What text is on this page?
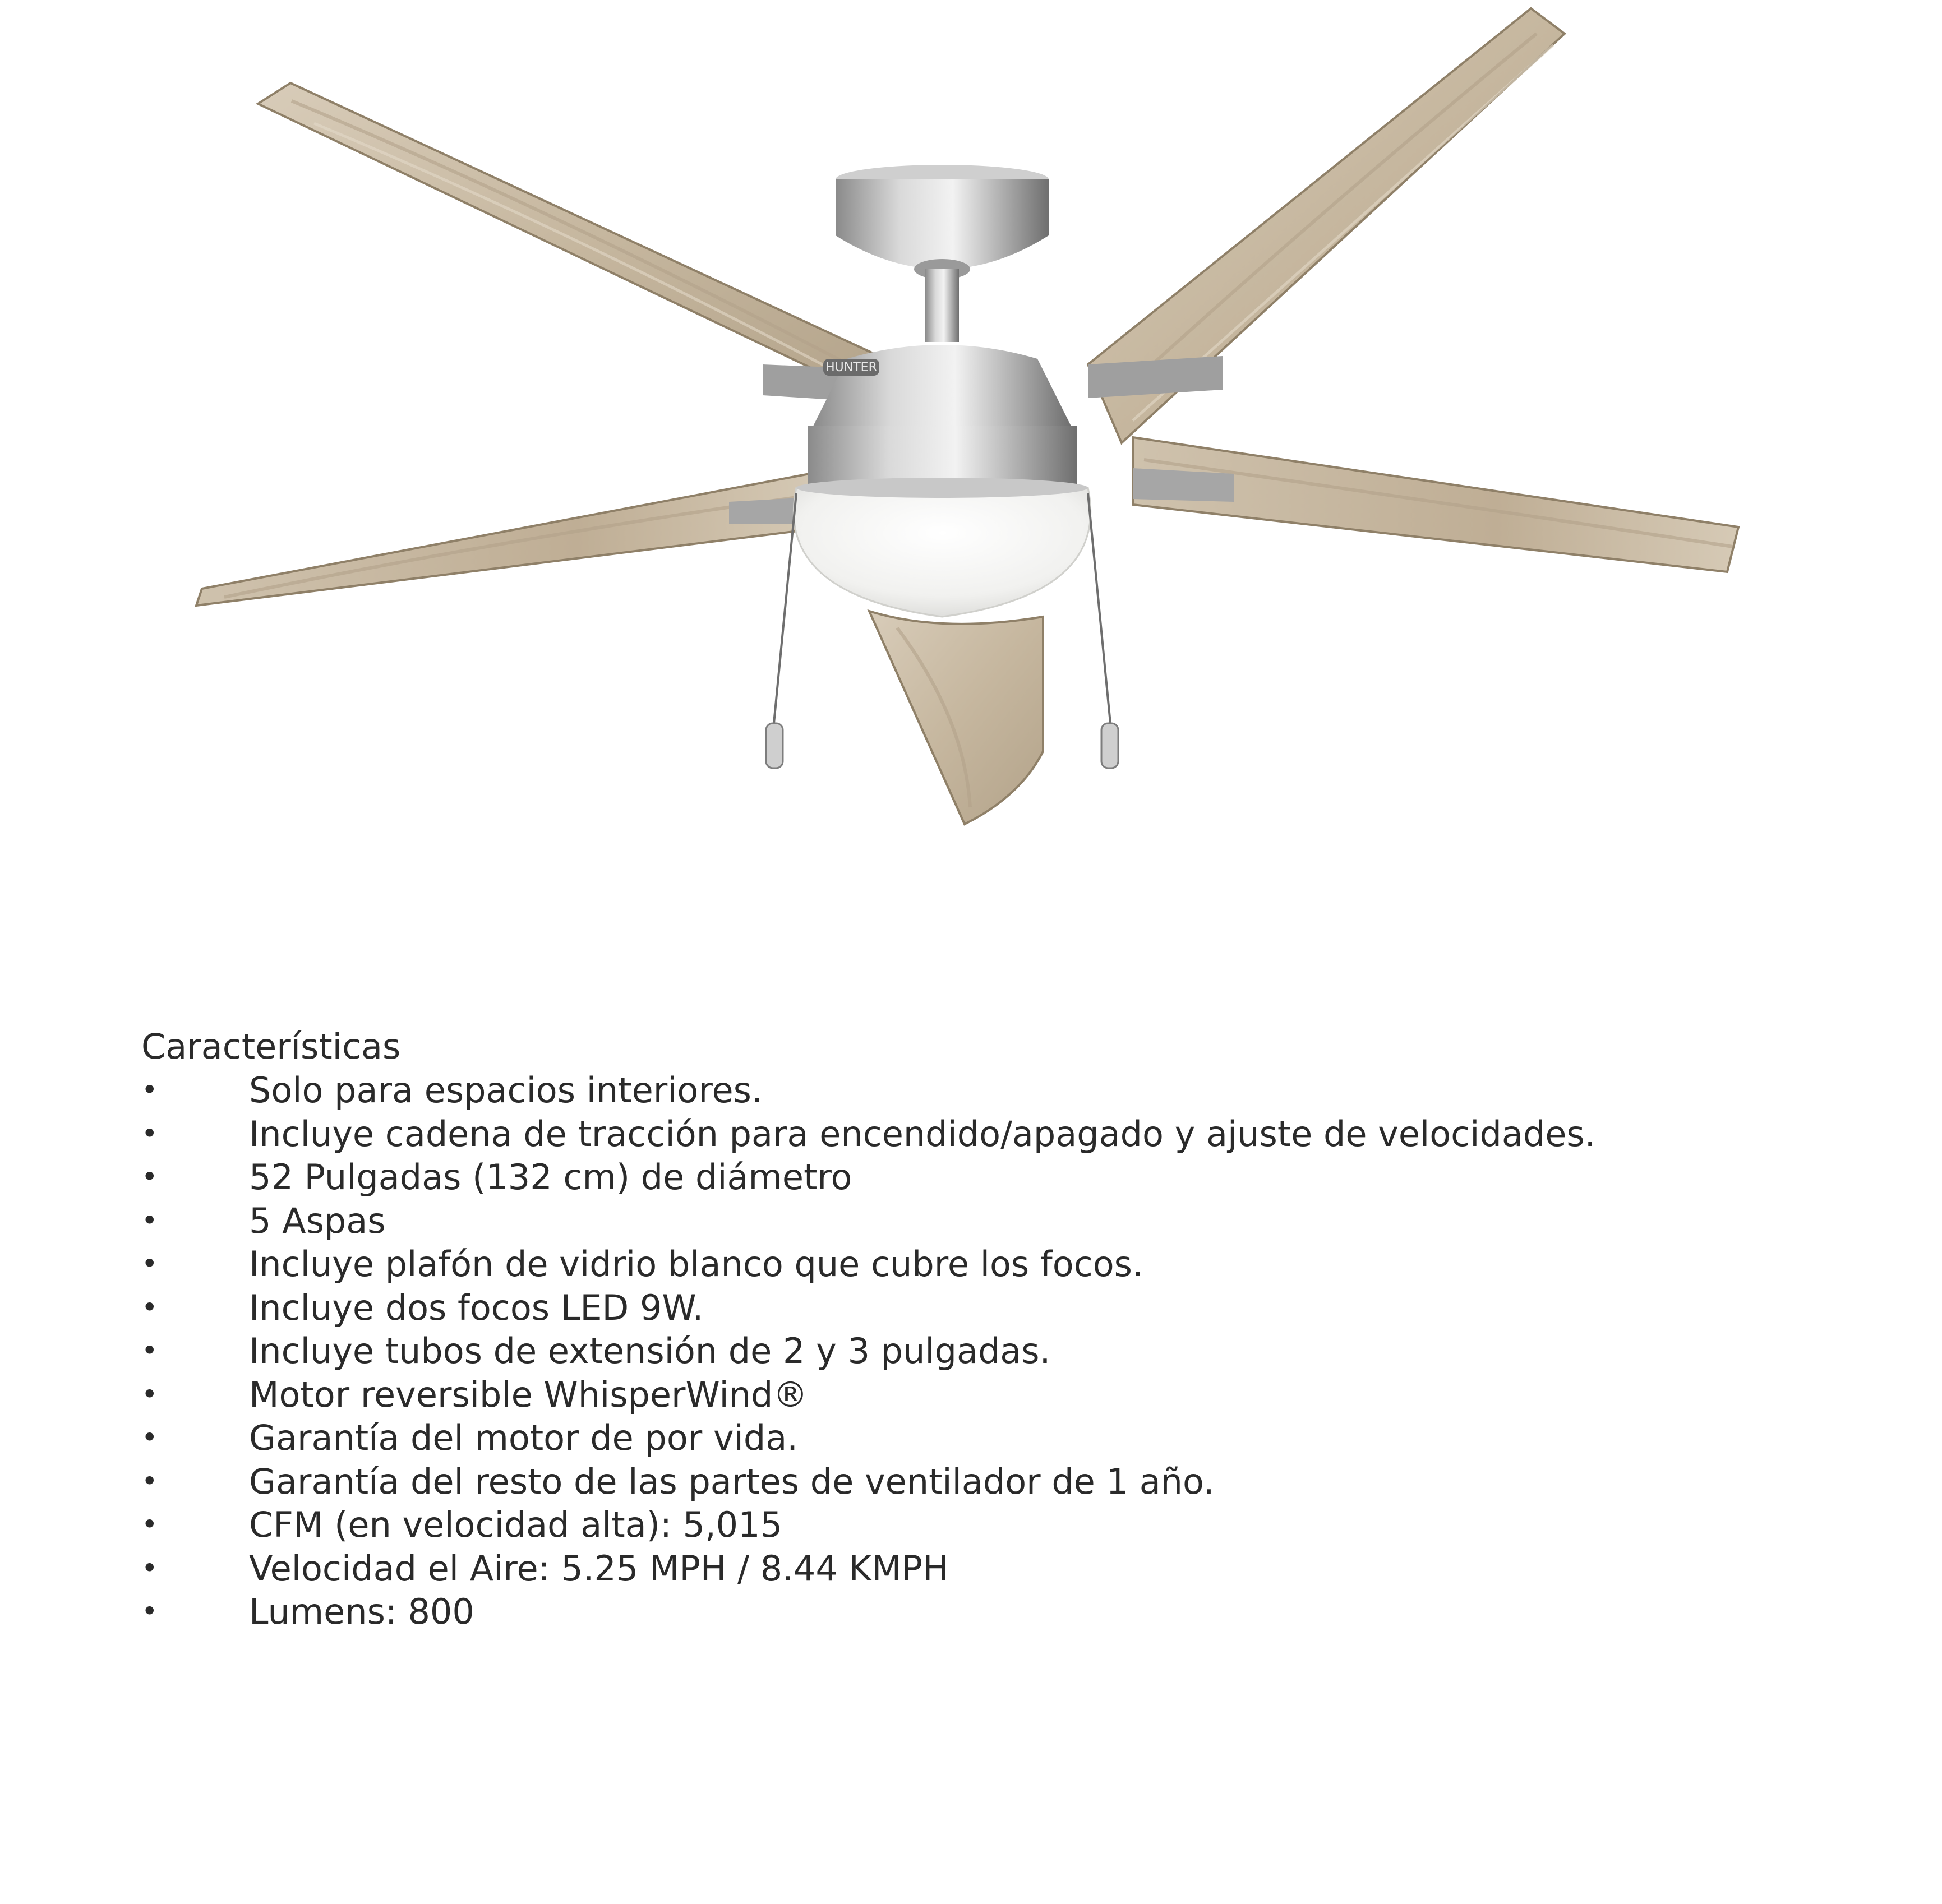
HUNTER
Características
•	Solo para espacios interiores.
•	Incluye cadena de tracción para encendido/apagado y ajuste de velocidades.
•	52 Pulgadas (132 cm) de diámetro
•	5 Aspas
•	Incluye plafón de vidrio blanco que cubre los focos.
•	Incluye dos focos LED 9W.
•	Incluye tubos de extensión de 2 y 3 pulgadas.
•	Motor reversible WhisperWind®
•	Garantía del motor de por vida.
•	Garantía del resto de las partes de ventilador de 1 año.
•	CFM (en velocidad alta): 5,015
•	Velocidad el Aire: 5.25 MPH / 8.44 KMPH
•	Lumens: 800
